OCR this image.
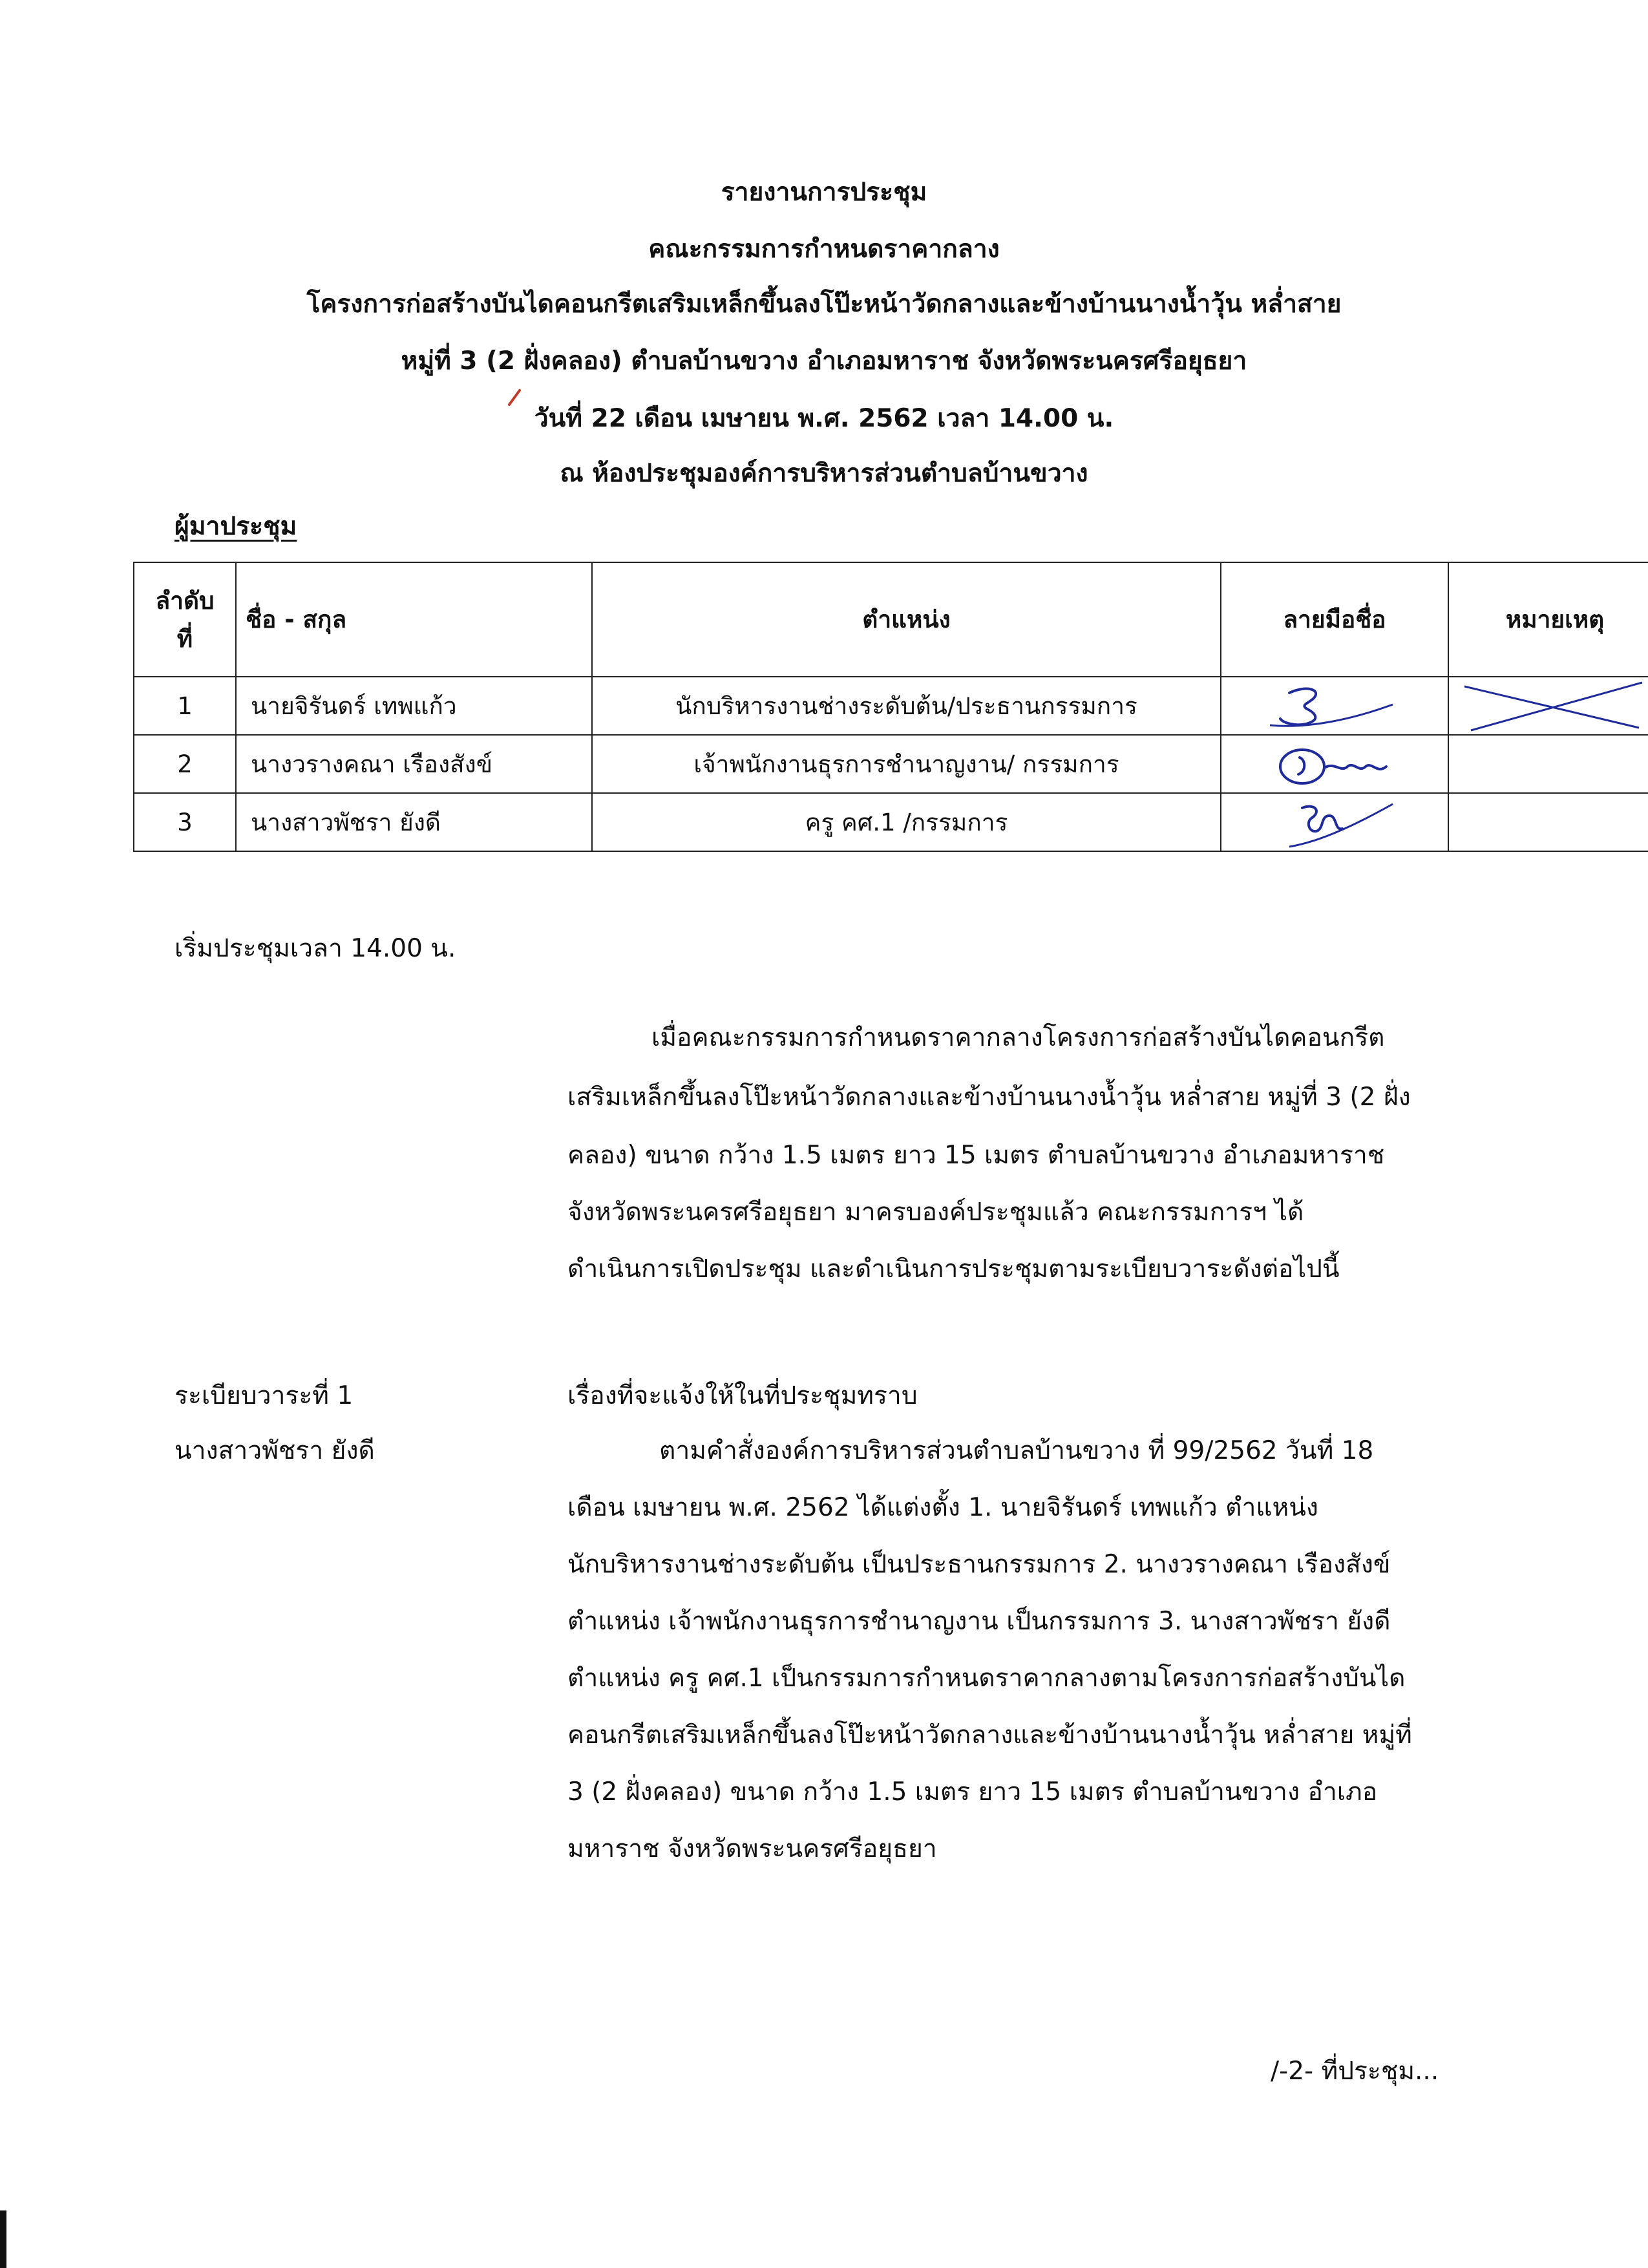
รายงานการประชุม
คณะกรรมการกำหนดราคากลาง
โครงการก่อสร้างบันไดคอนกรีตเสริมเหล็กขึ้นลงโป๊ะหน้าวัดกลางและข้างบ้านนางน้ำวุ้น หล่ำสาย
หมู่ที่ 3 (2 ฝั่งคลอง) ตำบลบ้านขวาง อำเภอมหาราช จังหวัดพระนครศรีอยุธยา
วันที่ 22 เดือน เมษายน พ.ศ. 2562 เวลา 14.00 น.
ณ ห้องประชุมองค์การบริหารส่วนตำบลบ้านขวาง
ผู้มาประชุม
ลำดับ
ที่	ชื่อ - สกุล	ตำแหน่ง	ลายมือชื่อ	หมายเหตุ
1	นายจิรันดร์ เทพแก้ว	นักบริหารงานช่างระดับต้น/ประธานกรรมการ	

2	นางวรางคณา เรืองสังข์	เจ้าพนักงานธุรการชำนาญงาน/ กรรมการ	

3	นางสาวพัชรา ยังดี	ครู คศ.1 /กรรมการ	

เริ่มประชุมเวลา 14.00 น.
เมื่อคณะกรรมการกำหนดราคากลางโครงการก่อสร้างบันไดคอนกรีต
เสริมเหล็กขึ้นลงโป๊ะหน้าวัดกลางและข้างบ้านนางน้ำวุ้น หล่ำสาย หมู่ที่ 3 (2 ฝั่ง
คลอง) ขนาด กว้าง 1.5 เมตร ยาว 15 เมตร ตำบลบ้านขวาง อำเภอมหาราช
จังหวัดพระนครศรีอยุธยา มาครบองค์ประชุมแล้ว คณะกรรมการฯ ได้
ดำเนินการเปิดประชุม และดำเนินการประชุมตามระเบียบวาระดังต่อไปนี้
ระเบียบวาระที่ 1	เรื่องที่จะแจ้งให้ในที่ประชุมทราบ
นางสาวพัชรา ยังดี	ตามคำสั่งองค์การบริหารส่วนตำบลบ้านขวาง ที่ 99/2562 วันที่ 18
เดือน เมษายน พ.ศ. 2562 ได้แต่งตั้ง 1. นายจิรันดร์ เทพแก้ว ตำแหน่ง
นักบริหารงานช่างระดับต้น เป็นประธานกรรมการ 2. นางวรางคณา เรืองสังข์
ตำแหน่ง เจ้าพนักงานธุรการชำนาญงาน เป็นกรรมการ 3. นางสาวพัชรา ยังดี
ตำแหน่ง ครู คศ.1 เป็นกรรมการกำหนดราคากลางตามโครงการก่อสร้างบันได
คอนกรีตเสริมเหล็กขึ้นลงโป๊ะหน้าวัดกลางและข้างบ้านนางน้ำวุ้น หล่ำสาย หมู่ที่
3 (2 ฝั่งคลอง) ขนาด กว้าง 1.5 เมตร ยาว 15 เมตร ตำบลบ้านขวาง อำเภอ
มหาราช จังหวัดพระนครศรีอยุธยา
/-2- ที่ประชุม...
